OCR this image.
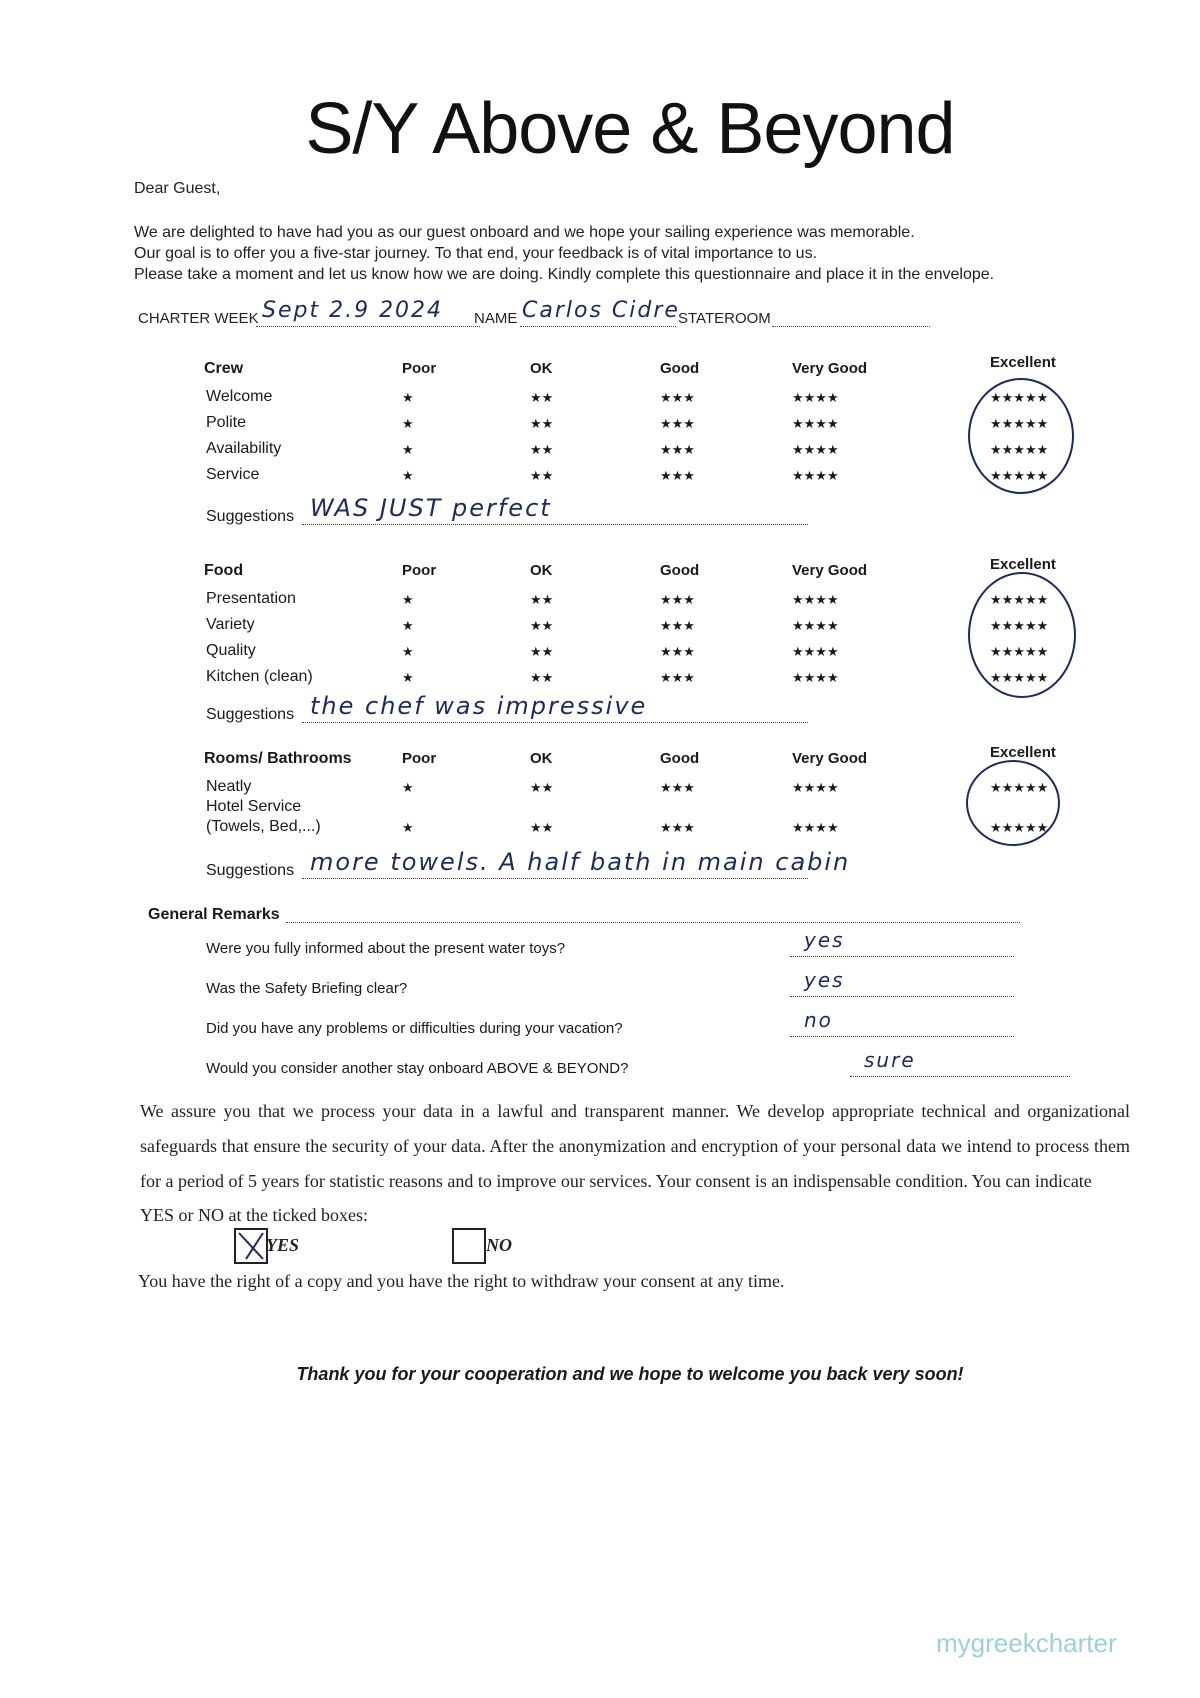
S/Y Above & Beyond
Dear Guest,
We are delighted to have had you as our guest onboard and we hope your sailing experience was memorable.
Our goal is to offer you a five-star journey. To that end, your feedback is of vital importance to us.
Please take a moment and let us know how we are doing. Kindly complete this questionnaire and place it in the envelope.
CHARTER WEEK Sept 2.9 2024 NAME Carlos Cidre
STATEROOM
Crew	Poor	OK	Good	Very Good	Excellent
Welcome	★	★★	★★★	★★★★	★★★★★
Polite	★	★★	★★★	★★★★	★★★★★
Availability	★	★★	★★★	★★★★	★★★★★
Service	★	★★	★★★	★★★★	★★★★★
Suggestions WAS JUST perfect
Food	Poor	OK	Good	Very Good	Excellent
Presentation	★	★★	★★★	★★★★	★★★★★
Variety	★	★★	★★★	★★★★	★★★★★
Quality	★	★★	★★★	★★★★	★★★★★
Kitchen (clean)	★	★★	★★★	★★★★	★★★★★
Suggestions the chef was impressive
Rooms/ Bathrooms	Poor	OK	Good	Very Good	Excellent
Neatly	★	★★	★★★	★★★★	★★★★★
Hotel Service
(Towels, Bed,...)	★	★★	★★★	★★★★	★★★★★
Suggestions more towels. A half bath in main cabin
General Remarks
Were you fully informed about the present water toys?	yes
Was the Safety Briefing clear?	yes
Did you have any problems or difficulties during your vacation?	no
Would you consider another stay onboard ABOVE & BEYOND?	sure
We assure you that we process your data in a lawful and transparent manner. We develop appropriate technical and organizational safeguards that ensure the security of your data. After the anonymization and encryption of your personal data we intend to process them for a period of 5 years for statistic reasons and to improve our services. Your consent is an indispensable condition. You can indicate
YES or NO at the ticked boxes:
YES	NO
You have the right of a copy and you have the right to withdraw your consent at any time.
Thank you for your cooperation and we hope to welcome you back very soon!
mygreekcharter
